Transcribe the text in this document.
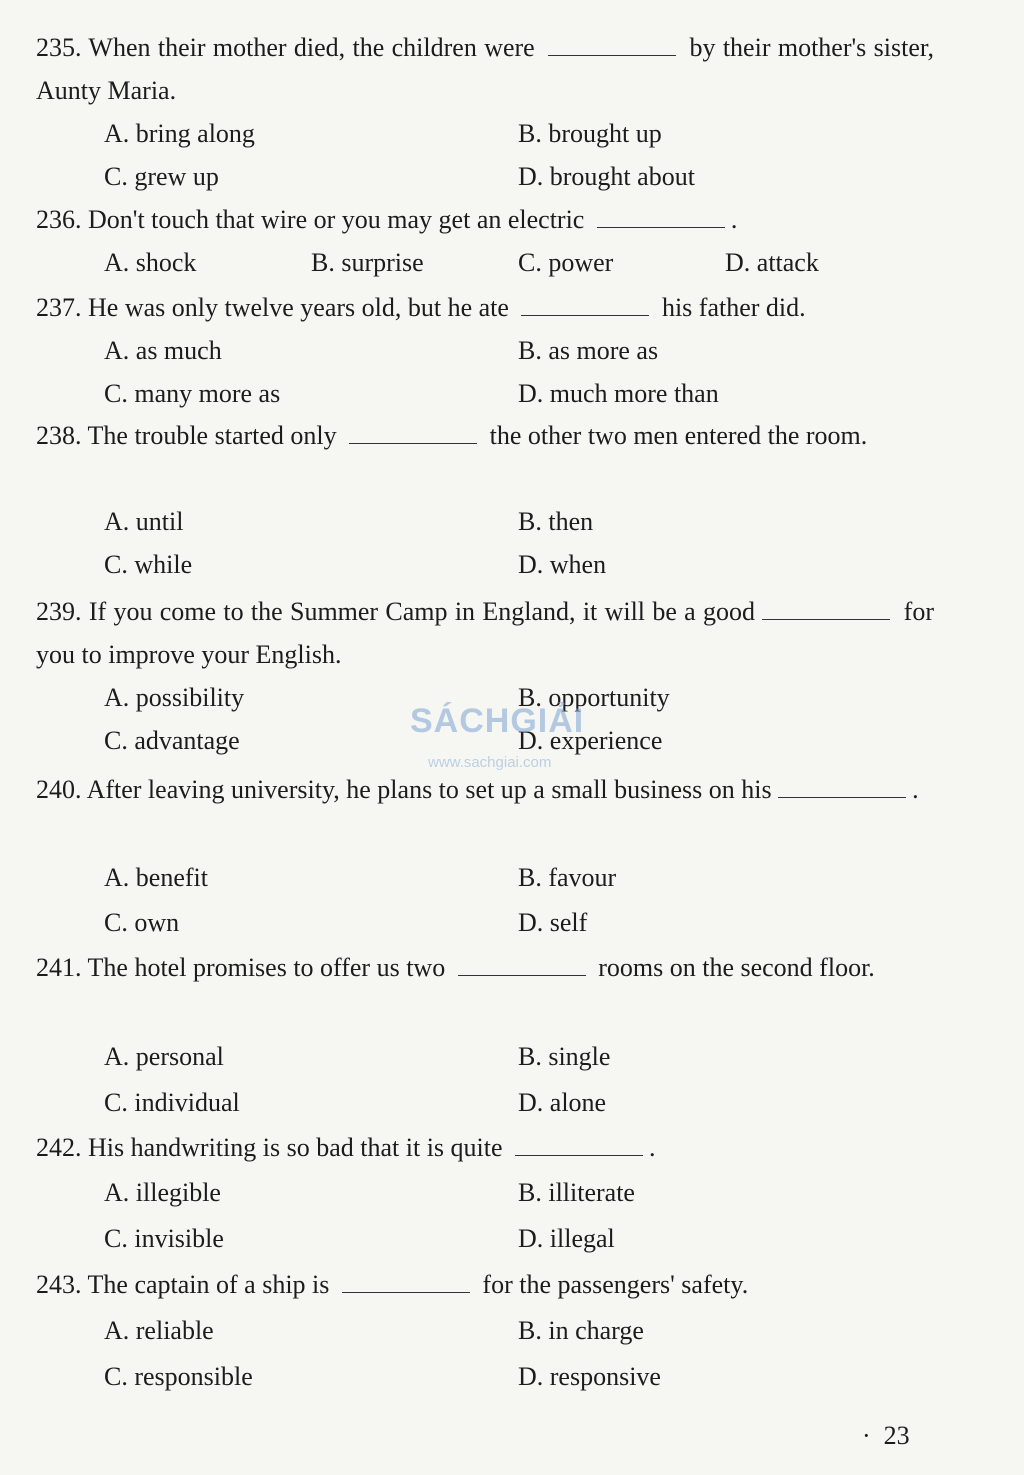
235. When their mother died, the children were	by their mother's sister, Aunty Maria.
A. bring along	B. brought up
C. grew up	D. brought about
236. Don't touch that wire or you may get an electric	.
A. shock	B. surprise	C. power	D. attack
237. He was only twelve years old, but he ate	his father did.
A. as much	B. as more as
C. many more as	D. much more than
238. The trouble started only	the other two men entered the room.
A. until	B. then
C. while	D. when
239. If you come to the Summer Camp in England, it will be a good	for you to improve your English.
A. possibility	B. opportunity
C. advantage	D. experience
240. After leaving university, he plans to set up a small business on his	.
A. benefit	B. favour
C. own	D. self
241. The hotel promises to offer us two	rooms on the second floor.
A. personal	B. single
C. individual	D. alone
242. His handwriting is so bad that it is quite	.
A. illegible	B. illiterate
C. invisible	D. illegal
243. The captain of a ship is	for the passengers' safety.
A. reliable	B. in charge
C. responsible	D. responsive
SÁCHGIẢI
www.sachgiai.com
·  23
